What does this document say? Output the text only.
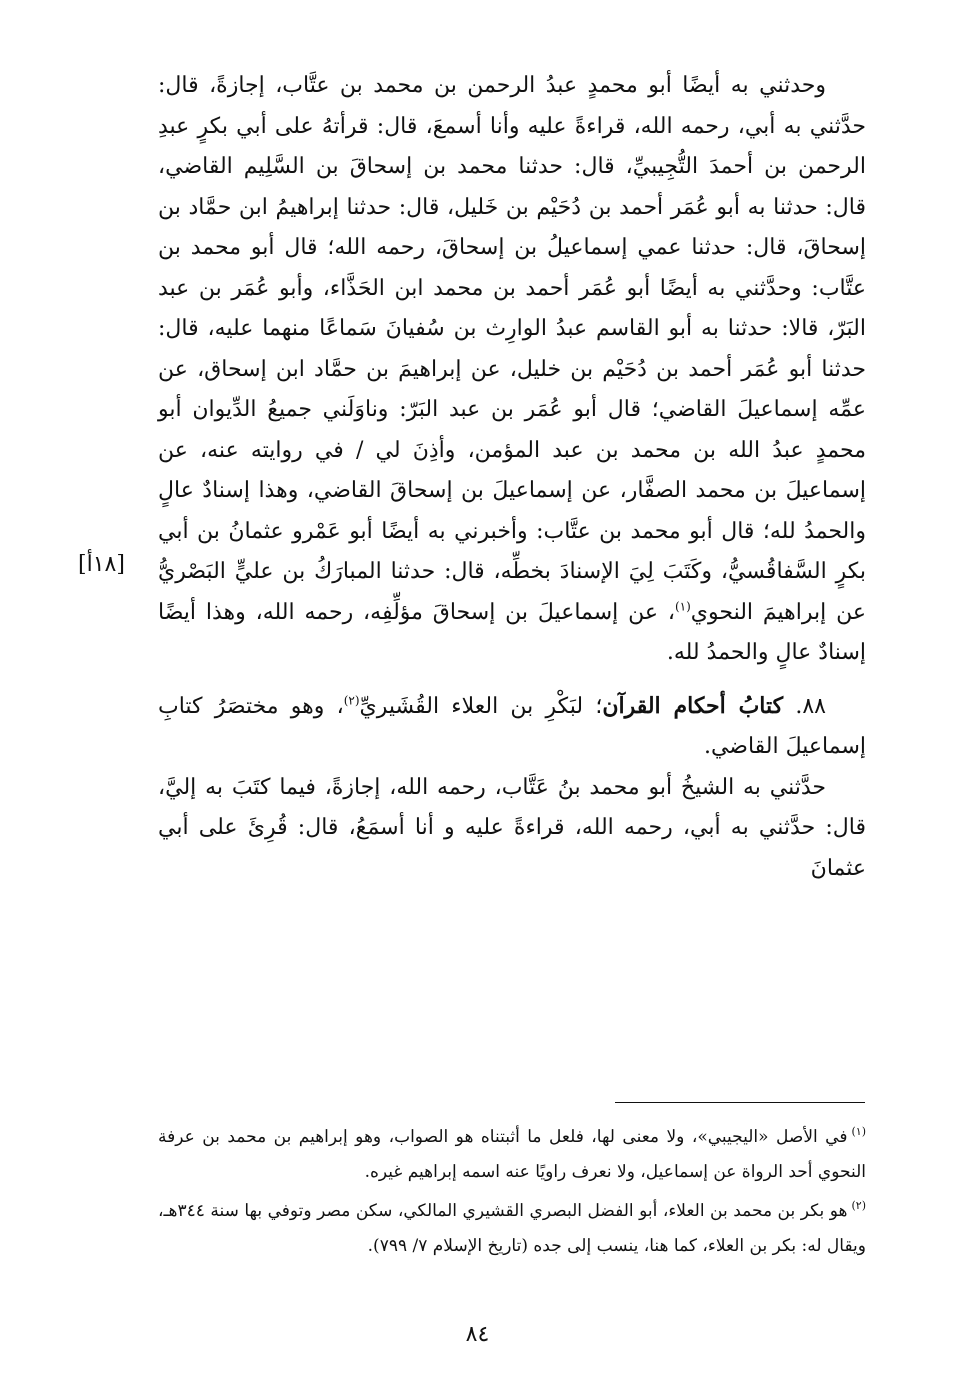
وحدثني به أيضًا أبو محمدٍ عبدُ الرحمن بن محمد بن عتَّاب، إجازةً، قال: حدَّثني به أبي، رحمه الله، قراءةً عليه وأنا أسمعَ، قال: قرأتهُ على أبي بكرٍ عبدِ الرحمن بن أحمدَ التُّجِيبيِّ، قال: حدثنا محمد بن إسحاقَ بن السَّلِيم القاضي، قال: حدثنا به أبو عُمَر أحمد بن دُحَيْم بن خَليل، قال: حدثنا إبراهيمُ ابن حمَّاد بن إسحاقَ، قال: حدثنا عمي إسماعيلُ بن إسحاقَ، رحمه الله؛ قال أبو محمد بن عتَّاب: وحدَّثني به أيضًا أبو عُمَر أحمد بن محمد ابن الحَذَّاء، وأبو عُمَر بن عبد البَرّ، قالا: حدثنا به أبو القاسم عبدُ الوارِث بن سُفيانَ سَماعًا منهما عليه، قال: حدثنا أبو عُمَر أحمد بن دُحَيْم بن خليل، عن إبراهيمَ بن حمَّاد ابن إسحاق، عن عمِّه إسماعيلَ القاضي؛ قال أبو عُمَر بن عبد البَرّ: وناوَلَني جميعُ الدِّيوان أبو محمدٍ عبدُ الله بن محمد بن عبد المؤمن، وأذِنَ لي / في روايته عنه، عن إسماعيلَ بن محمد الصفَّار، عن إسماعيلَ بن إسحاقَ القاضي، وهذا إسنادٌ عالٍ والحمدُ لله؛ قال أبو محمد بن عتَّاب: وأخبرني به أيضًا أبو عَمْرو عثمانُ بن أبي بكرٍ السَّفاقُسيُّ، وكَتَبَ لِيَ الإسنادَ بخطِّه، قال: حدثنا المبارَكُ بن عليٍّ البَصْريُّ عن إبراهيمَ النحوي$^{(١)}$، عن إسماعيلَ بن إسحاقَ مؤلِّفِه، رحمه الله، وهذا أيضًا إسنادٌ عالٍ والحمدُ لله.

٨٨. كتابُ أحكام القرآن؛ لبَكْرِ بن العلاء القُشَيريِّ$^{(٢)}$، وهو مختصَرُ كتابِ إسماعيلَ القاضي.

حدَّثني به الشيخُ أبو محمد بنُ عَتَّاب، رحمه الله، إجازةً، فيما كتَبَ به إليَّ، قال: حدَّثني به أبي، رحمه الله، قراءةً عليه و أنا أسمَعُ، قال: قُرِئَ على أبي عثمانَ

[١٨أ]

$^{(١)}$في الأصل «اليجيبي»، ولا معنى لها، فلعل ما أثبتناه هو الصواب، وهو إبراهيم بن محمد بن عرفة النحوي أحد الرواة عن إسماعيل، ولا نعرف راويًا عنه اسمه إبراهيم غيره.

$^{(٢)}$هو بكر بن محمد بن العلاء، أبو الفضل البصري القشيري المالكي، سكن مصر وتوفي بها سنة ٣٤٤هـ، ويقال له: بكر بن العلاء، كما هنا، ينسب إلى جده (تاريخ الإسلام ٧/ ٧٩٩).

٨٤
